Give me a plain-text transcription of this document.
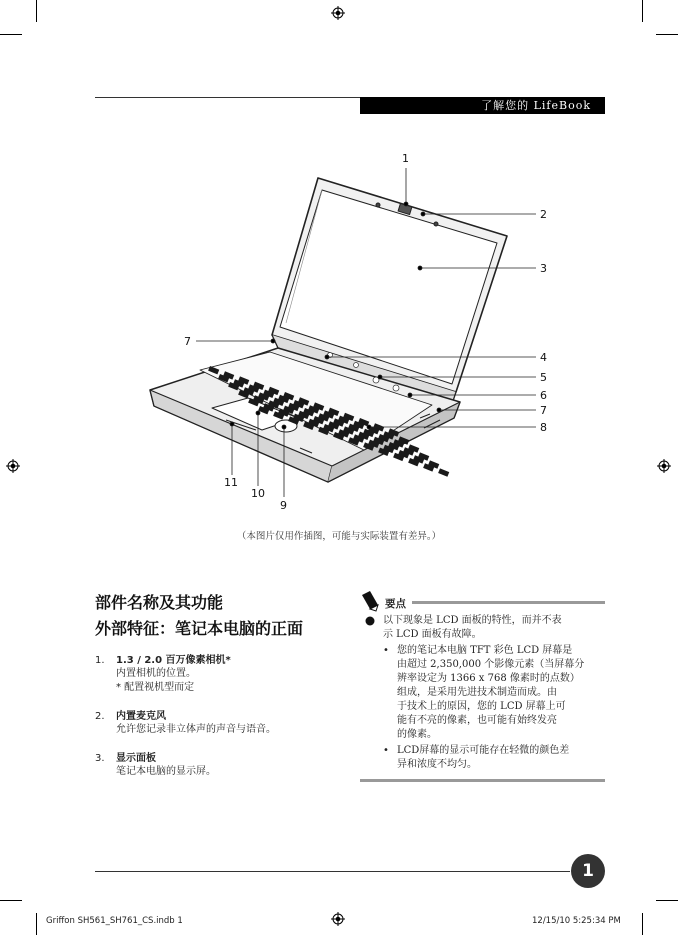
了解您的 LifeBook
1
2
3
7
4
5
6
7
8
11
10
9
（本图片仅用作插图，可能与实际装置有差异。）
部件名称及其功能
外部特征：笔记本电脑的正面
1. 1.3 / 2.0 百万像素相机*
内置相机的位置。
* 配置视机型而定
2. 内置麦克风
允许您记录非立体声的声音与语音。
3. 显示面板
笔记本电脑的显示屏。
要点
以下现象是 LCD 面板的特性，而并不表
示 LCD 面板有故障。
• 您的笔记本电脑 TFT 彩色 LCD 屏幕是
由超过 2,350,000 个影像元素（当屏幕分
辨率设定为 1366 x 768 像素时的点数）
组成，是采用先进技术制造而成。由
于技术上的原因，您的 LCD 屏幕上可
能有不亮的像素，也可能有始终发亮
的像素。
• LCD屏幕的显示可能存在轻微的颜色差
异和浓度不均匀。
1
Griffon SH561_SH761_CS.indb 1	12/15/10 5:25:34 PM
